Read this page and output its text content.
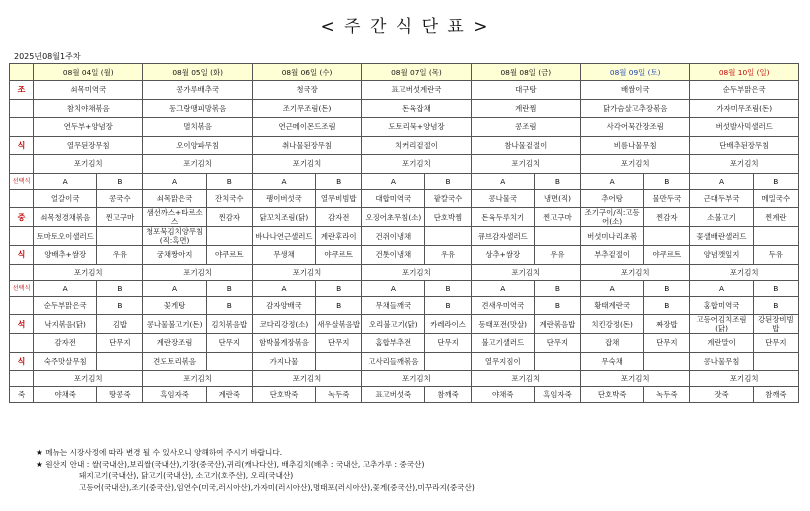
< 주 간 식 단 표 >
2025년08월1주차
	08월 04일 (월)		08월 05일 (화)		08월 06일 (수)		08월 07일 (목)		08월 08일 (금)		08월 09일 (토)		08월 10일 (일)	
조	쇠목미역국		콩가루배추국		청국장		표고버섯계란국		대구탕		배쌈이국		순두부맑은국	
	참치야채볶음		동그랑땡피망볶음		조기무조림(돈)		돈육잡채		계란찜		닭가슴살고추장볶음		가자미무조림(돈)	
	연두부+양념장		멸치볶음		연근메이몬드조림		도토리묵+양념장		콩조림		사각어묵간장조림		버섯발사믹샐러드	
식	열무된장무침		오이양파무침		취나물된장무침		치커리겉절이		참나물겉절이		비름나물무침		단배추된장무침	
	포기김치		포기김치		포기김치		포기김치		포기김치		포기김치		포기김치	
선택식	A	B	A	B	A	B	A	B	A	B	A	B	A	B
	얼갈이국	콩국수	쇠목맑은국	잔치국수	팽이버섯국	열무비빔밥	대합미역국	팥칼국수	콩나물국	냉면(직)	추어탕	물만두국	근대두부국	메밀국수
중	쇠목청경채볶음	찐고구마	샘선까스+타르소스	찐감자	닭꼬치조림(닭)	감자전	오징어초무침(소)	단호박찜	돈육두루치기	찐고구마	조기구이/직:고등어(소)	찐감자	소불고기	찐계란
	토마토오이샐러드		청포묵김치양무침(직:흑면)		바나나연근샐러드	계란후라이	건쥐이냉채		큐브감자샐러드		버섯미나리초볶		꽃샐배란샐러드	
식	양배추+쌈장	우유	궁채짱아지	야쿠르트	무생채	야쿠르트	건톳이냉채	우유	상추+쌈장	우유	부추겉절이	야쿠르트	양념깻잎지	두유
	포기김치		포기김치		포기김치		포기김치		포기김치		포기김치		포기김치	
선택식	A	B	A	B	A	B	A	B	A	B	A	B	A	B
	순두부맑은국	B	꽃게탕	B	감자양배국	B	무채들깨국	B	견새우미역국	B	황태계란국	B	홍합미역국	B
석	낙지볶음(닭)	김밥	콩나물불고기(돈)	김치볶음밥	코다리강정(소)	새우살볶음밥	오리불고기(닭)	카레라이스	동태포전(맛살)	계란볶음밥	치킨강정(돈)	짜장밥	고등어김치조림(닭)	강된장비빔밥
	감자전	단무지	계란장조림	단무지	함박불게장볶음	단무지	홈합부추전	단무지	불고기샐러드	단무지	잡채	단무지	계란말이	단무지
식	숙주맛살무침		견도토리볶음		가지나물		고사리들깨볶음		열무지짐이		무숙채		콩나물무침	
	포기김치		포기김치		포기김치		포기김치		포기김치		포기김치		포기김치	
죽	야채죽	땅콩죽	흑임자죽	계란죽	단호박죽	녹두죽	표고버섯죽	참깨죽	야채죽	흑임자죽	단호박죽	녹두죽	잣죽	참깨죽
★ 메뉴는 시장사정에 따라 변경 될 수 있사오니 양해하여 주시기 바랍니다.
★ 원산지 안내 : 쌀(국내산),보리쌀(국내산),기장(중국산),귀리(캐나다산), 배추김치(배추 : 국내산, 고추가루 : 중국산)
돼지고기(국내산), 닭고기(국내산), 소고기(호주산), 오리(국내산)
고등어(국내산),조기(중국산),임연수(미국,러시아산),가자미(러시아산),명태포(러시아산),꽃게(중국산),미꾸라지(중국산)
